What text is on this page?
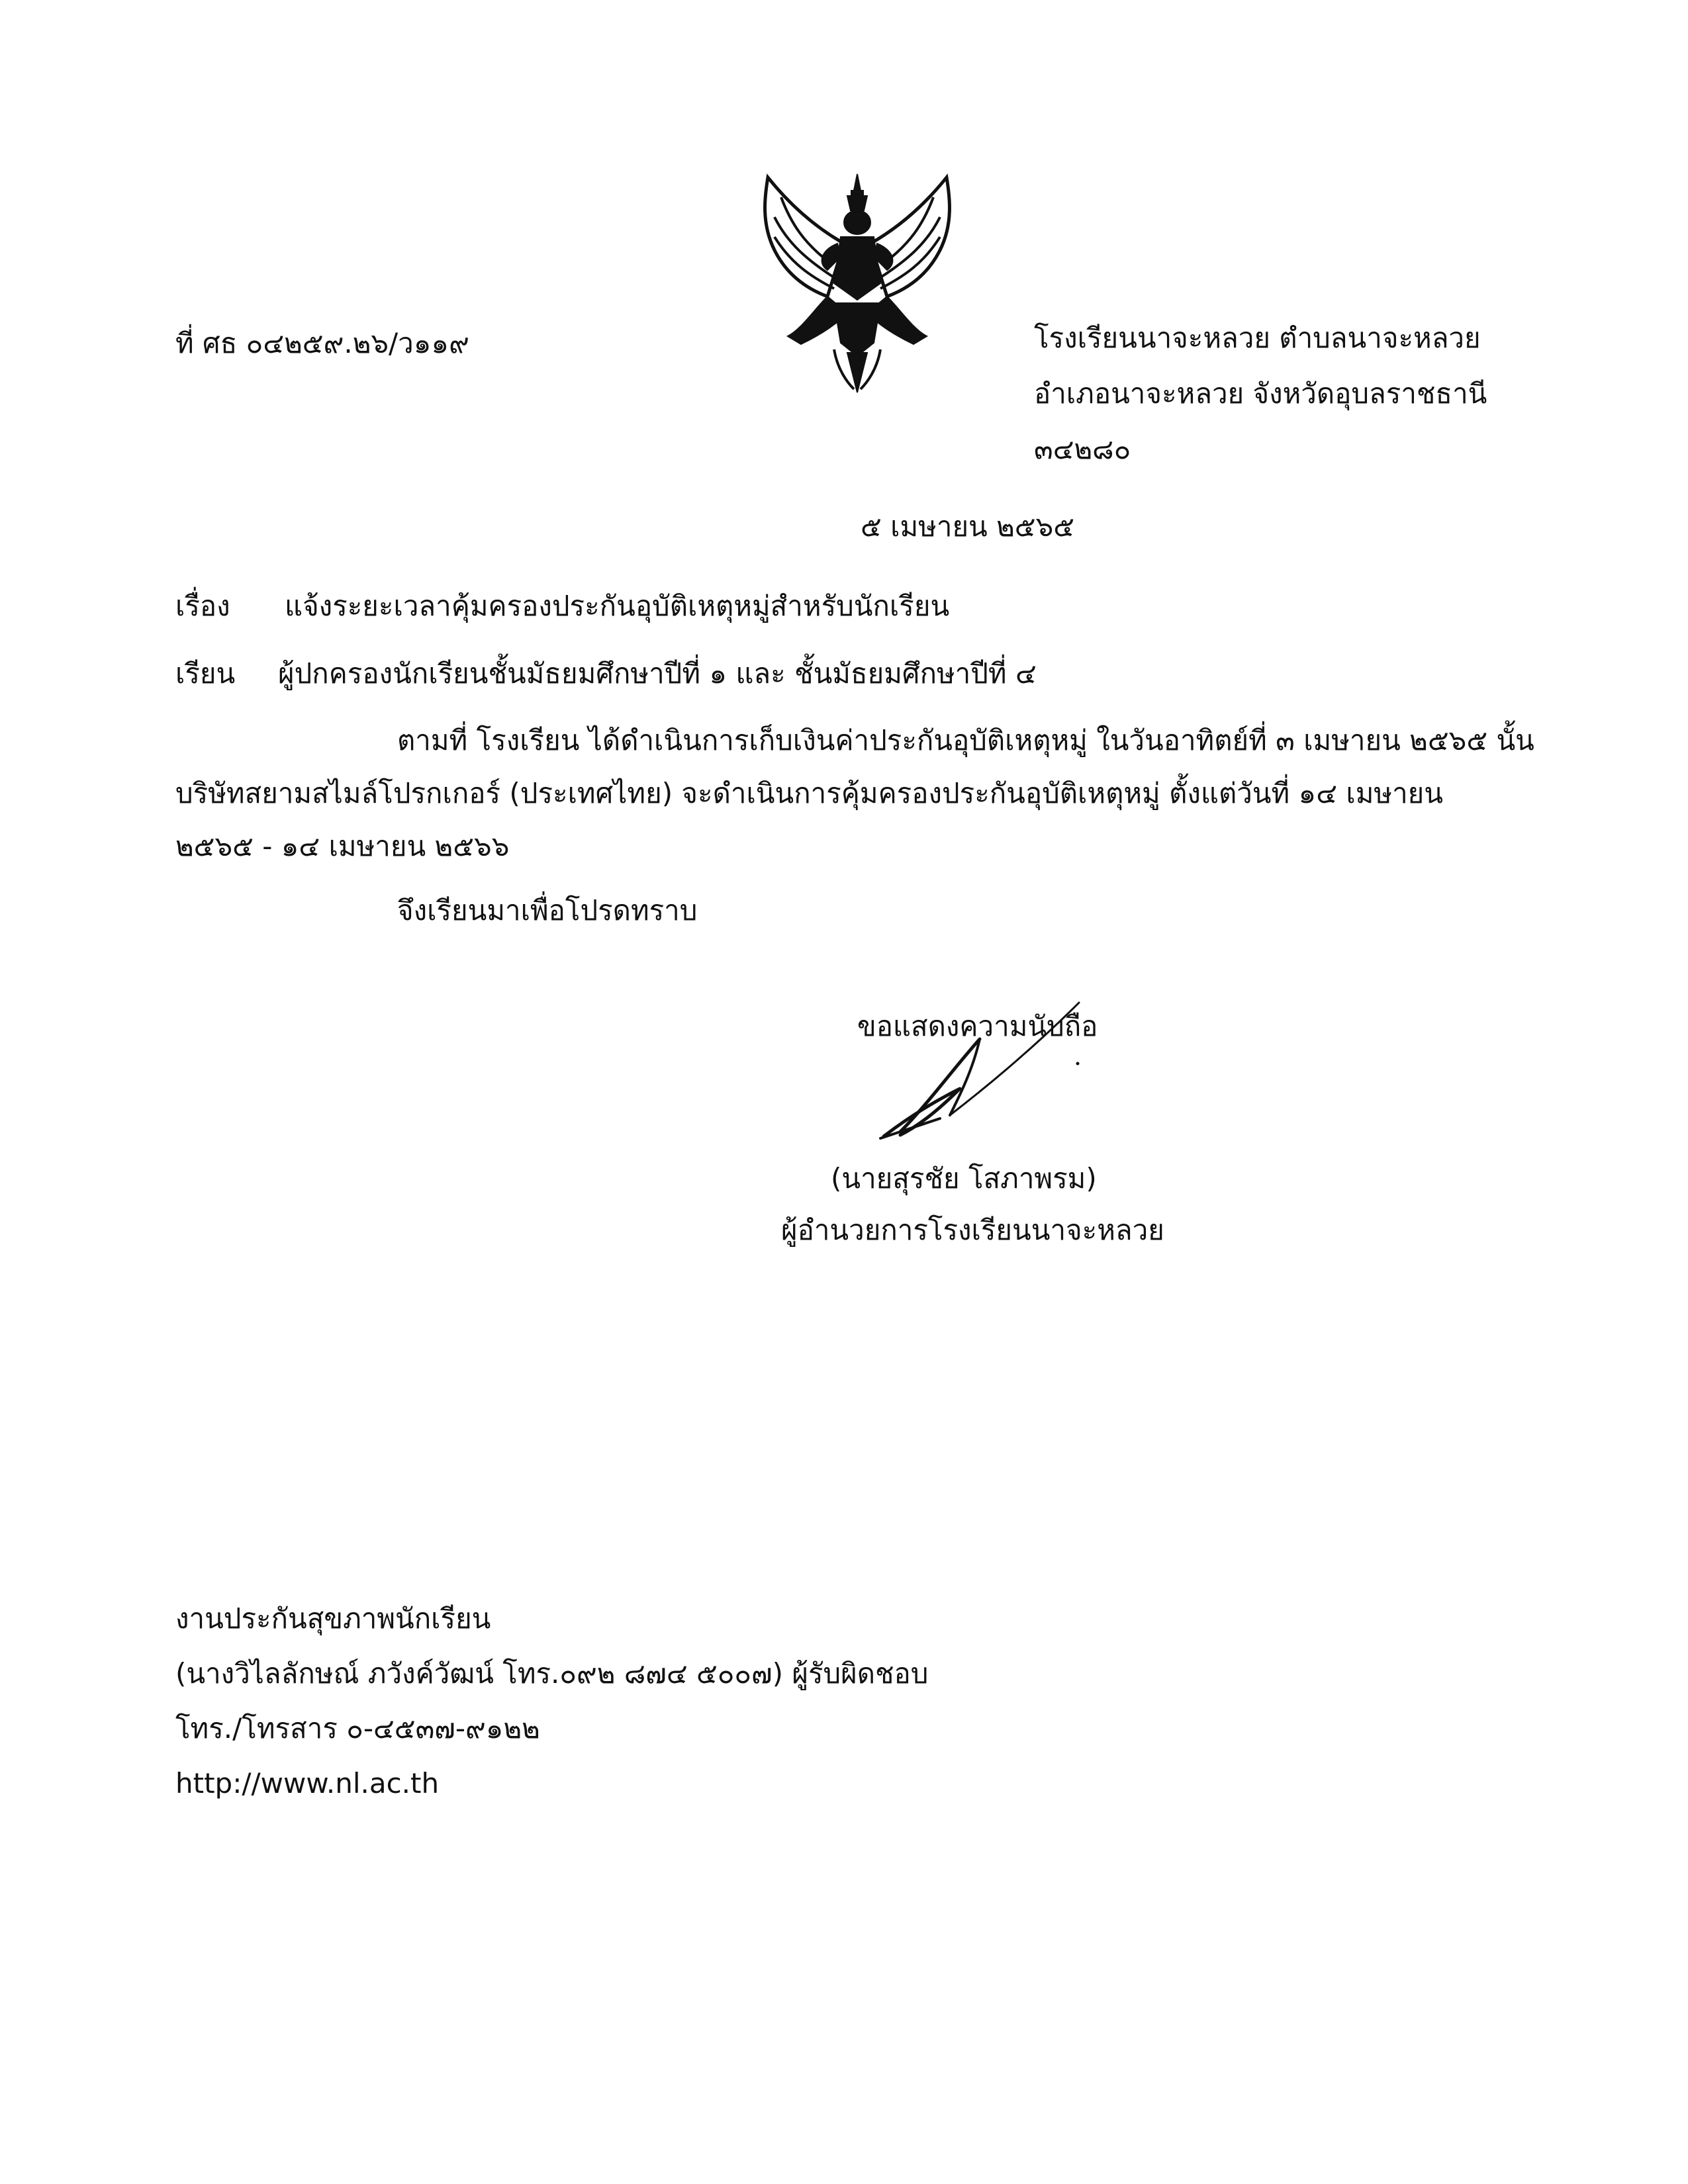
ที่ ศธ ๐๔๒๕๙.๒๖/ว๑๑๙	โรงเรียนนาจะหลวย ตำบลนาจะหลวย
อำเภอนาจะหลวย จังหวัดอุบลราชธานี
๓๔๒๘๐
๕ เมษายน ๒๕๖๕
เรื่อง แจ้งระยะเวลาคุ้มครองประกันอุบัติเหตุหมู่สำหรับนักเรียน
เรียน ผู้ปกครองนักเรียนชั้นมัธยมศึกษาปีที่ ๑ และ ชั้นมัธยมศึกษาปีที่ ๔
ตามที่ โรงเรียน ได้ดำเนินการเก็บเงินค่าประกันอุบัติเหตุหมู่ ในวันอาทิตย์ที่ ๓ เมษายน ๒๕๖๕ นั้น
บริษัทสยามสไมล์โปรกเกอร์ (ประเทศไทย) จะดำเนินการคุ้มครองประกันอุบัติเหตุหมู่ ตั้งแต่วันที่ ๑๔ เมษายน
๒๕๖๕ - ๑๔ เมษายน ๒๕๖๖
จึงเรียนมาเพื่อโปรดทราบ
ขอแสดงความนับถือ
(นายสุรชัย โสภาพรม)
ผู้อำนวยการโรงเรียนนาจะหลวย
งานประกันสุขภาพนักเรียน
(นางวิไลลักษณ์ ภวังค์วัฒน์ โทร.๐๙๒ ๘๗๔ ๕๐๐๗) ผู้รับผิดชอบ
โทร./โทรสาร ๐-๔๕๓๗-๙๑๒๒
http://www.nl.ac.th
